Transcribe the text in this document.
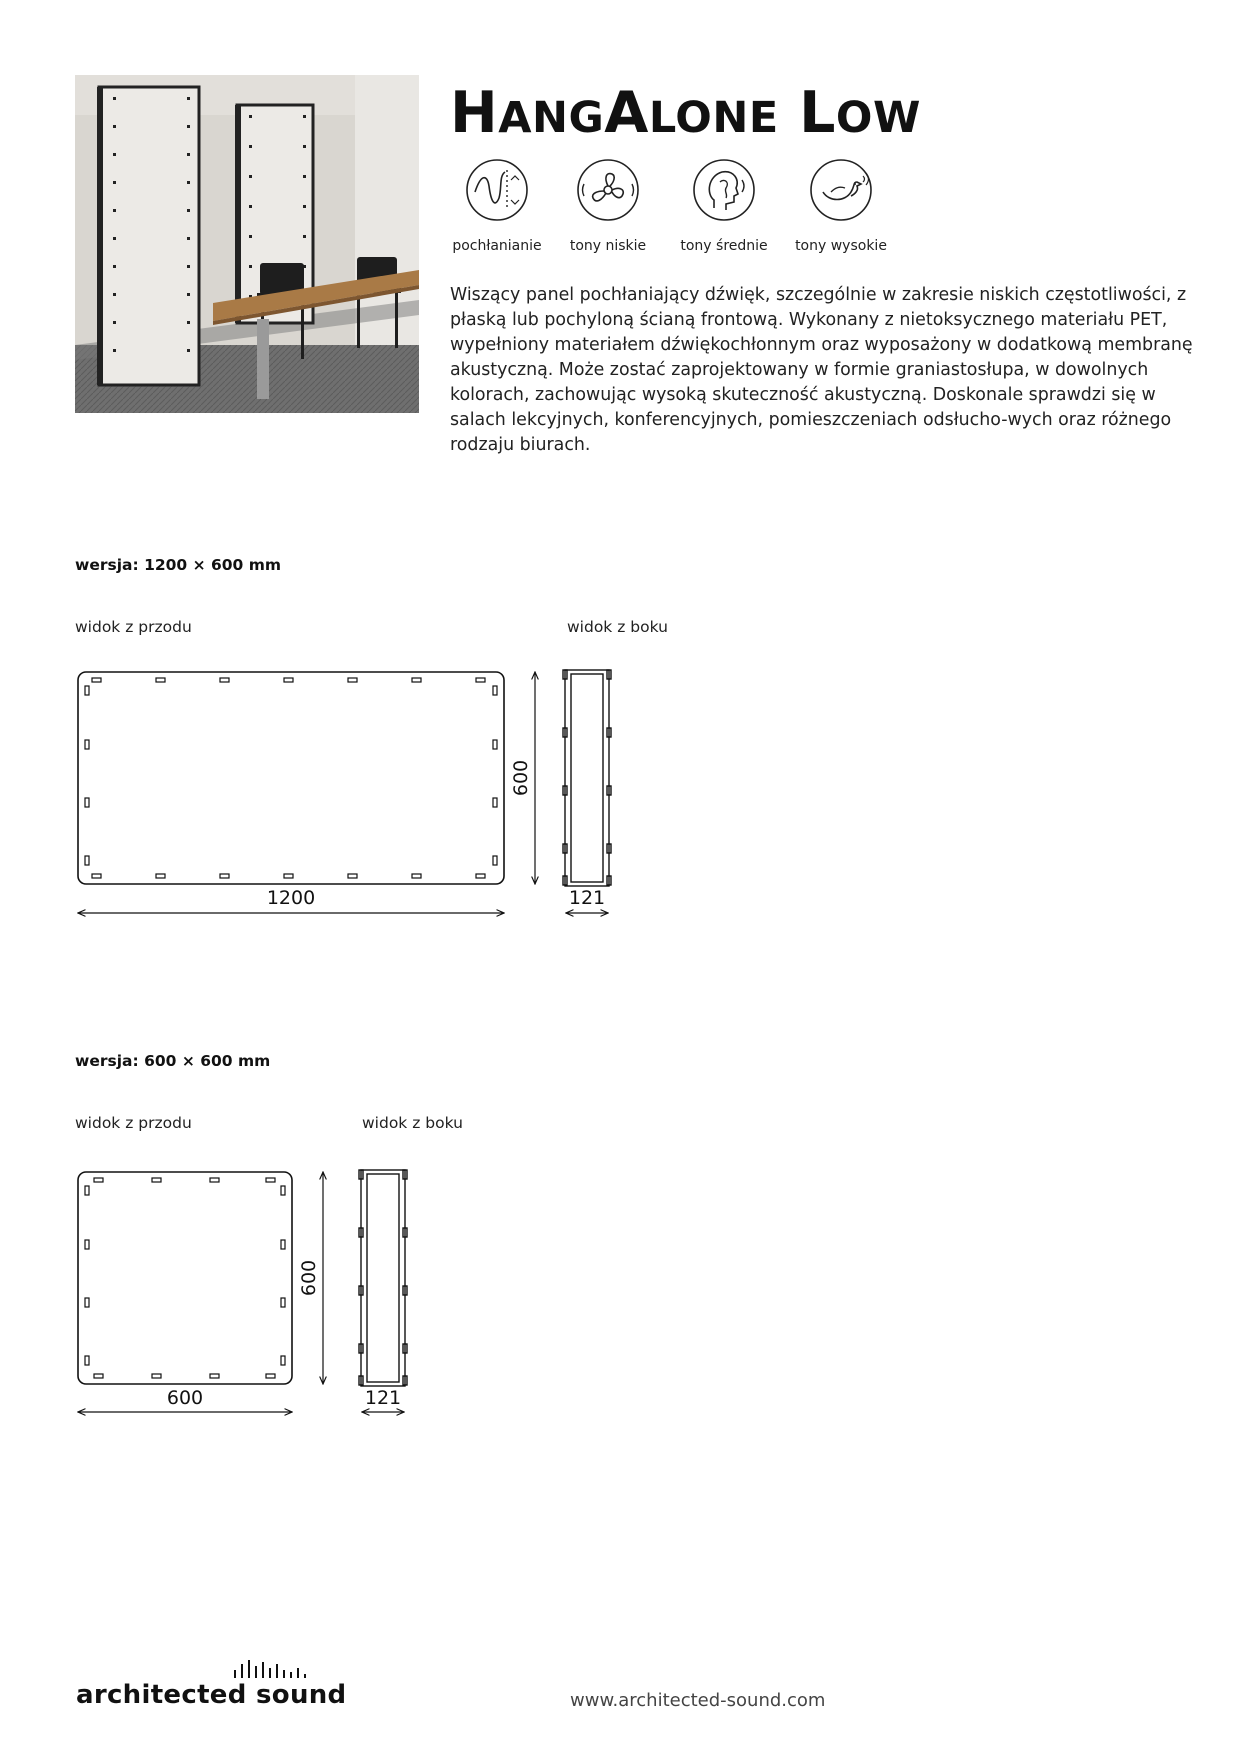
HANGALONE LOW
pochłanianie	tony niskie	tony średnie	tony wysokie

Wiszący panel pochłaniający dźwięk, szczególnie w zakresie niskich częstotliwości, z płaską lub pochyloną ścianą frontową. Wykonany z nietoksycznego materiału PET, wypełniony materiałem dźwiękochłonnym oraz wyposażony w dodatkową membranę akustyczną. Może zostać zaprojektowany w formie graniastosłupa, w dowolnych kolorach, zachowując wysoką skuteczność akustyczną. Doskonale sprawdzi się w salach lekcyjnych, konferencyjnych, pomieszczeniach odsłucho-wych oraz różnego rodzaju biurach.

wersja: 1200 × 600 mm
widok z przodu	widok z boku
1200
600
121
wersja: 600 × 600 mm
widok z przodu	widok z boku
600
600
121
architected sound	www.architected-sound.com
